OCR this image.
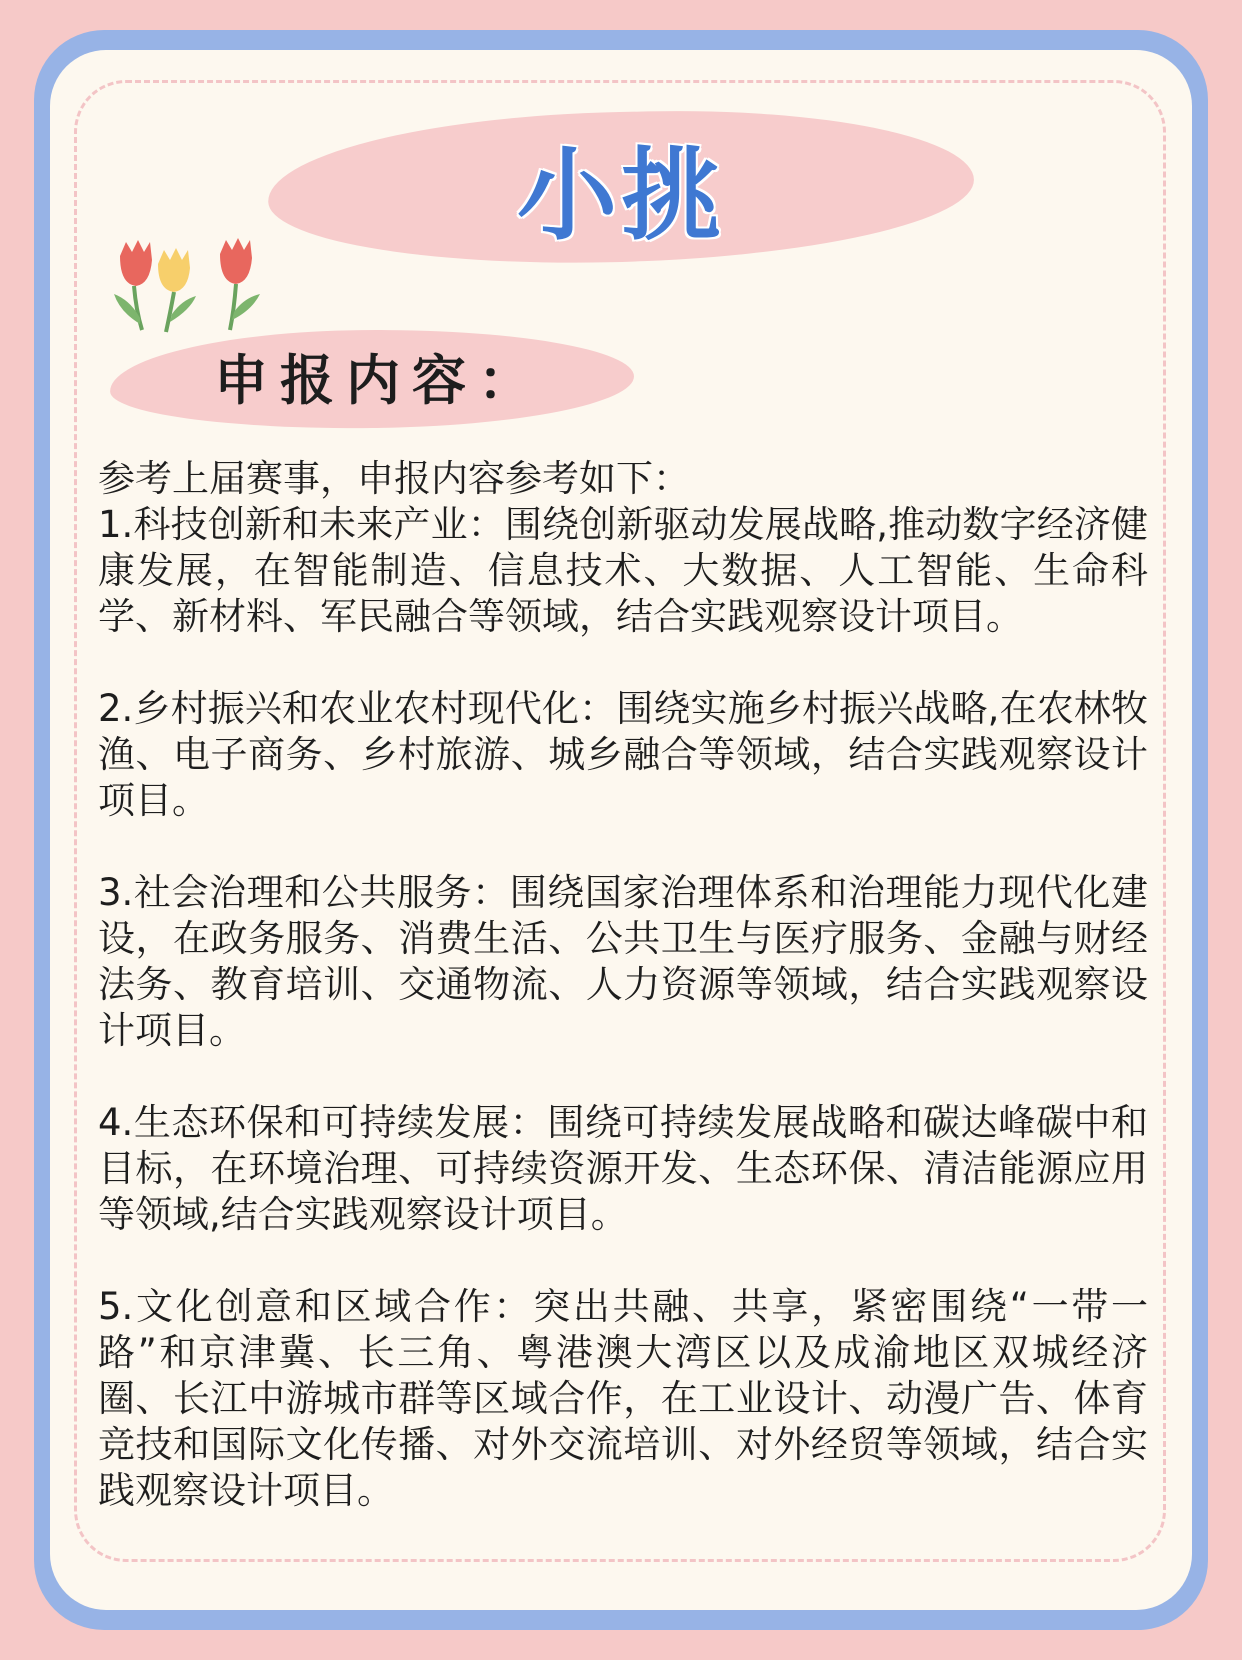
小挑
申报内容：

参考上届赛事，申报内容参考如下：

1.科技创新和未来产业：围绕创新驱动发展战略,推动数字经济健康发展，在智能制造、信息技术、大数据、人工智能、生命科学、新材料、军民融合等领域，结合实践观察设计项目。

2.乡村振兴和农业农村现代化：围绕实施乡村振兴战略,在农林牧渔、电子商务、乡村旅游、城乡融合等领域，结合实践观察设计项目。

3.社会治理和公共服务：围绕国家治理体系和治理能力现代化建设，在政务服务、消费生活、公共卫生与医疗服务、金融与财经法务、教育培训、交通物流、人力资源等领域，结合实践观察设计项目。

4.生态环保和可持续发展：围绕可持续发展战略和碳达峰碳中和目标，在环境治理、可持续资源开发、生态环保、清洁能源应用等领域,结合实践观察设计项目。

5.文化创意和区域合作：突出共融、共享，紧密围绕“一带一路”和京津冀、长三角、粤港澳大湾区以及成渝地区双城经济圈、长江中游城市群等区域合作，在工业设计、动漫广告、体育竞技和国际文化传播、对外交流培训、对外经贸等领域，结合实践观察设计项目。
